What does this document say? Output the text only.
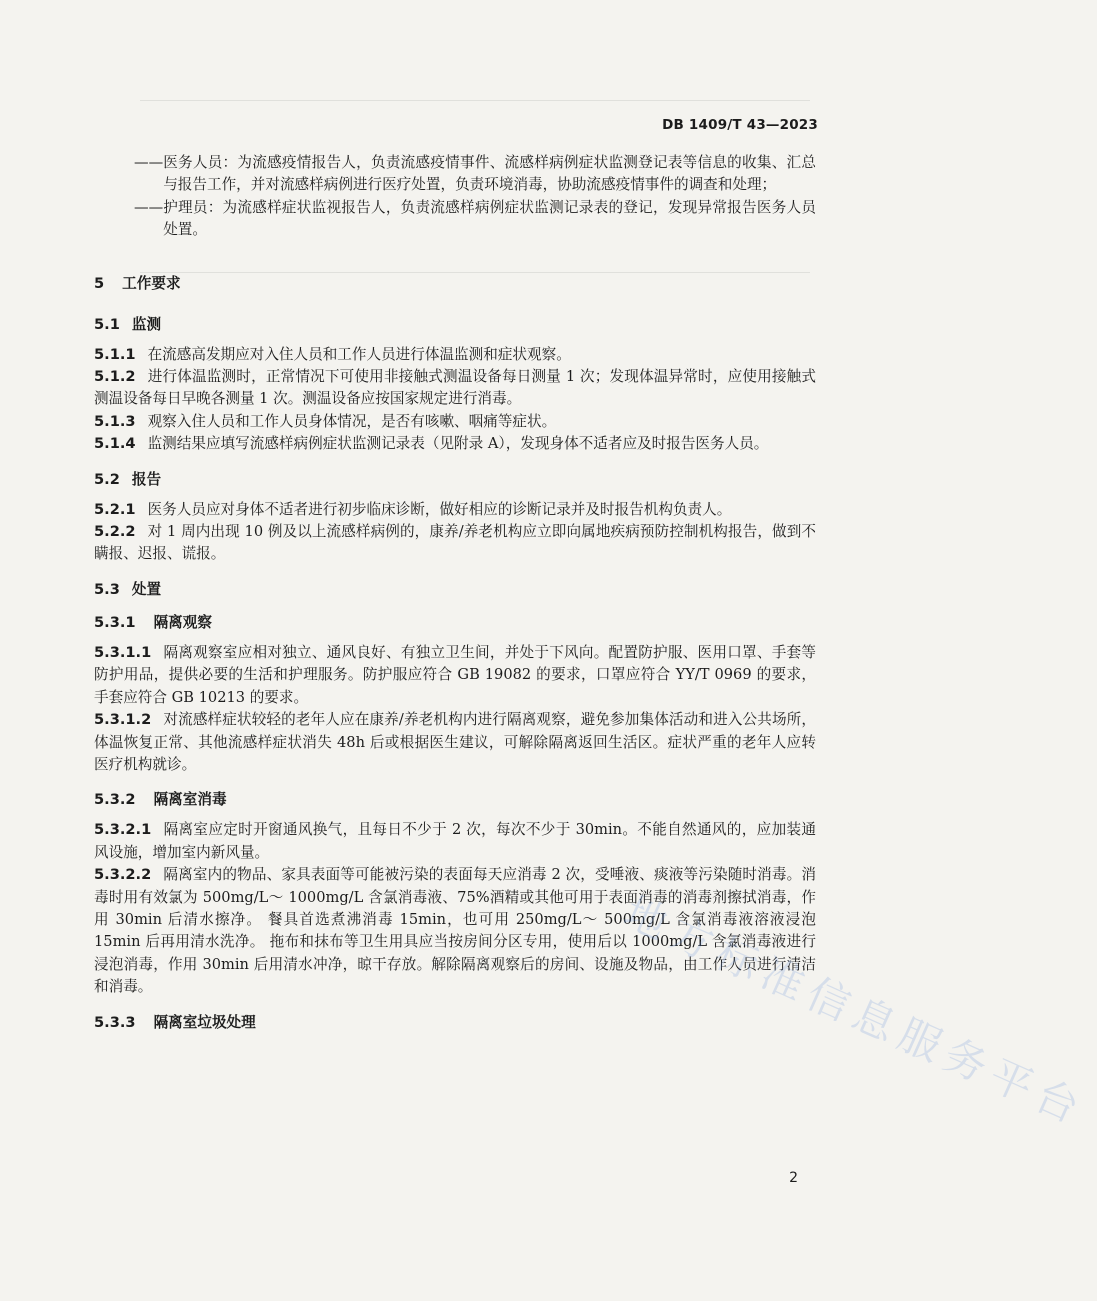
DB 1409/T 43—2023

—— 医务人员：为流感疫情报告人，负责流感疫情事件、流感样病例症状监测登记表等信息的收集、汇总与报告工作，并对流感样病例进行医疗处置，负责环境消毒，协助流感疫情事件的调查和处理；

—— 护理员：为流感样症状监视报告人，负责流感样病例症状监测记录表的登记，发现异常报告医务人员处置。

5 工作要求
5.1 监测

5.1.1 在流感高发期应对入住人员和工作人员进行体温监测和症状观察。

5.1.2 进行体温监测时，正常情况下可使用非接触式测温设备每日测量 1 次；发现体温异常时，应使用接触式测温设备每日早晚各测量 1 次。测温设备应按国家规定进行消毒。

5.1.3 观察入住人员和工作人员身体情况，是否有咳嗽、咽痛等症状。

5.1.4 监测结果应填写流感样病例症状监测记录表（见附录 A），发现身体不适者应及时报告医务人员。

5.2 报告

5.2.1 医务人员应对身体不适者进行初步临床诊断，做好相应的诊断记录并及时报告机构负责人。

5.2.2 对 1 周内出现 10 例及以上流感样病例的，康养/养老机构应立即向属地疾病预防控制机构报告，做到不瞒报、迟报、谎报。

5.3 处置
5.3.1 隔离观察

5.3.1.1 隔离观察室应相对独立、通风良好、有独立卫生间，并处于下风向。配置防护服、医用口罩、手套等防护用品，提供必要的生活和护理服务。防护服应符合 GB 19082 的要求，口罩应符合 YY/T 0969 的要求，手套应符合 GB 10213 的要求。

5.3.1.2 对流感样症状较轻的老年人应在康养/养老机构内进行隔离观察，避免参加集体活动和进入公共场所，体温恢复正常、其他流感样症状消失 48h 后或根据医生建议，可解除隔离返回生活区。症状严重的老年人应转医疗机构就诊。

5.3.2 隔离室消毒

5.3.2.1 隔离室应定时开窗通风换气，且每日不少于 2 次，每次不少于 30min。不能自然通风的，应加装通风设施，增加室内新风量。

5.3.2.2 隔离室内的物品、家具表面等可能被污染的表面每天应消毒 2 次，受唾液、痰液等污染随时消毒。消毒时用有效氯为 500mg/L～ 1000mg/L 含氯消毒液、75%酒精或其他可用于表面消毒的消毒剂擦拭消毒，作用 30min 后清水擦净。 餐具首选煮沸消毒 15min，也可用 250mg/L～ 500mg/L 含氯消毒液溶液浸泡 15min 后再用清水洗净。 拖布和抹布等卫生用具应当按房间分区专用，使用后以 1000mg/L 含氯消毒液进行浸泡消毒，作用 30min 后用清水冲净，晾干存放。解除隔离观察后的房间、设施及物品，由工作人员进行清洁和消毒。

5.3.3 隔离室垃圾处理	地方标准信息服务平台
2
